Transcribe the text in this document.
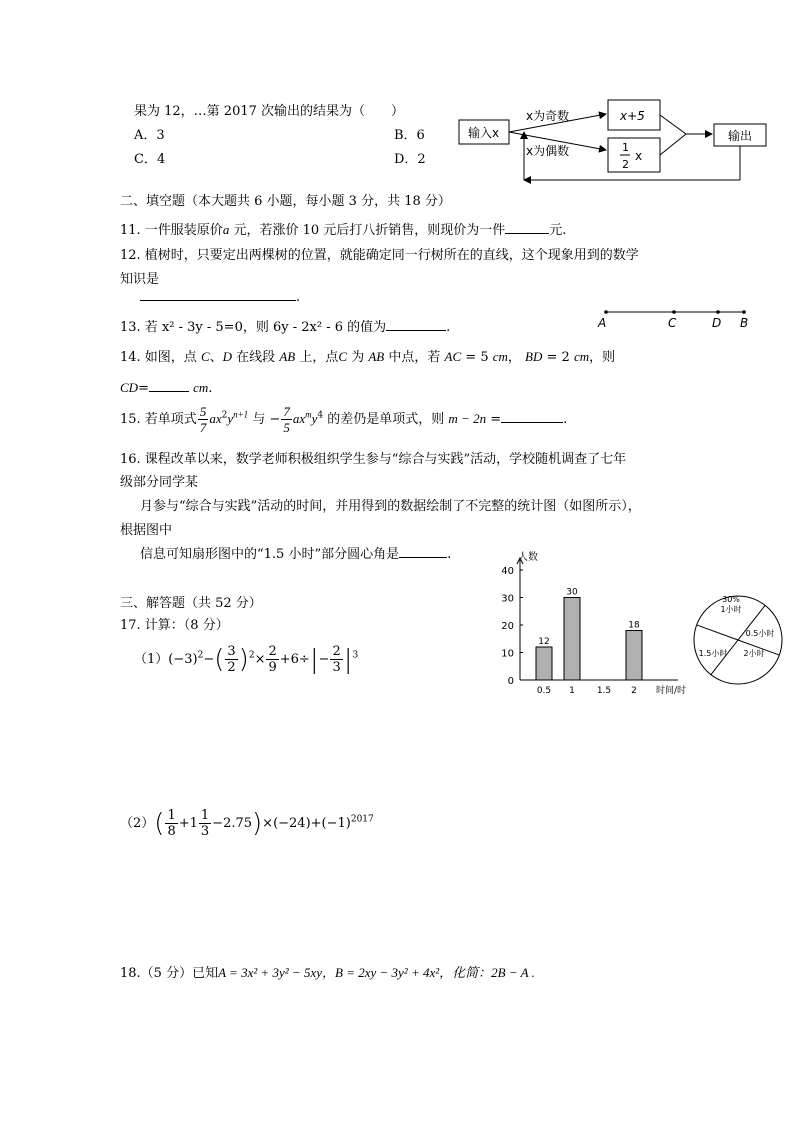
果为 12，…第 2017 次输出的结果为（　　）
A．3	B．6
C．4	D．2
输入x
x为奇数
x为偶数
x+5
1
2
x
输出
二、填空题（本大题共 6 小题，每小题 3 分，共 18 分）
11. 一件服装原价a 元，若涨价 10 元后打八折销售，则现价为一件	元.
12. 植树时，只要定出两棵树的位置，就能确定同一行树所在的直线，这个现象用到的数学
知识是
.
13. 若 x² - 3y - 5=0，则 6y - 2x² - 6 的值为	.	A	C	D B
14. 如图，点 C、D 在线段 AB 上，点C 为 AB 中点，若 AC = 5 cm， BD = 2 cm，则
CD=	cm.
15. 若单项式 $\frac{5}{7} ax^2y^{n+1}$ 与 − $\frac{7}{5} ax^my^4$ 的差仍是单项式，则 m − 2n =	.
16. 课程改革以来，数学老师积极组织学生参与“综合与实践”活动，学校随机调查了七年
级部分同学某
月参与“综合与实践”活动的时间，并用得到的数据绘制了不完整的统计图（如图所示），
根据图中
信息可知扇形图中的“1.5 小时”部分圆心角是	.	人数
0
10
20
30
40
0.5
12
1
30
1.5 2
18
时间/时
30%
1小时
0.5小时
2小时
1.5小时
三、解答题（共 52 分）
17. 计算：（8 分）
$(1)(-3)^2-( \frac{3}{2} )^2\times \frac{2}{9} +6\div|- \frac{2}{3} |^3$
$(2)( \frac{1}{8} +1 \frac{1}{3} -2.75)\times(-24)+(-1)^{2017}$
18.（5 分）已知A = 3x² + 3y² − 5xy，B = 2xy − 3y² + 4x²，化简：2B − A .
